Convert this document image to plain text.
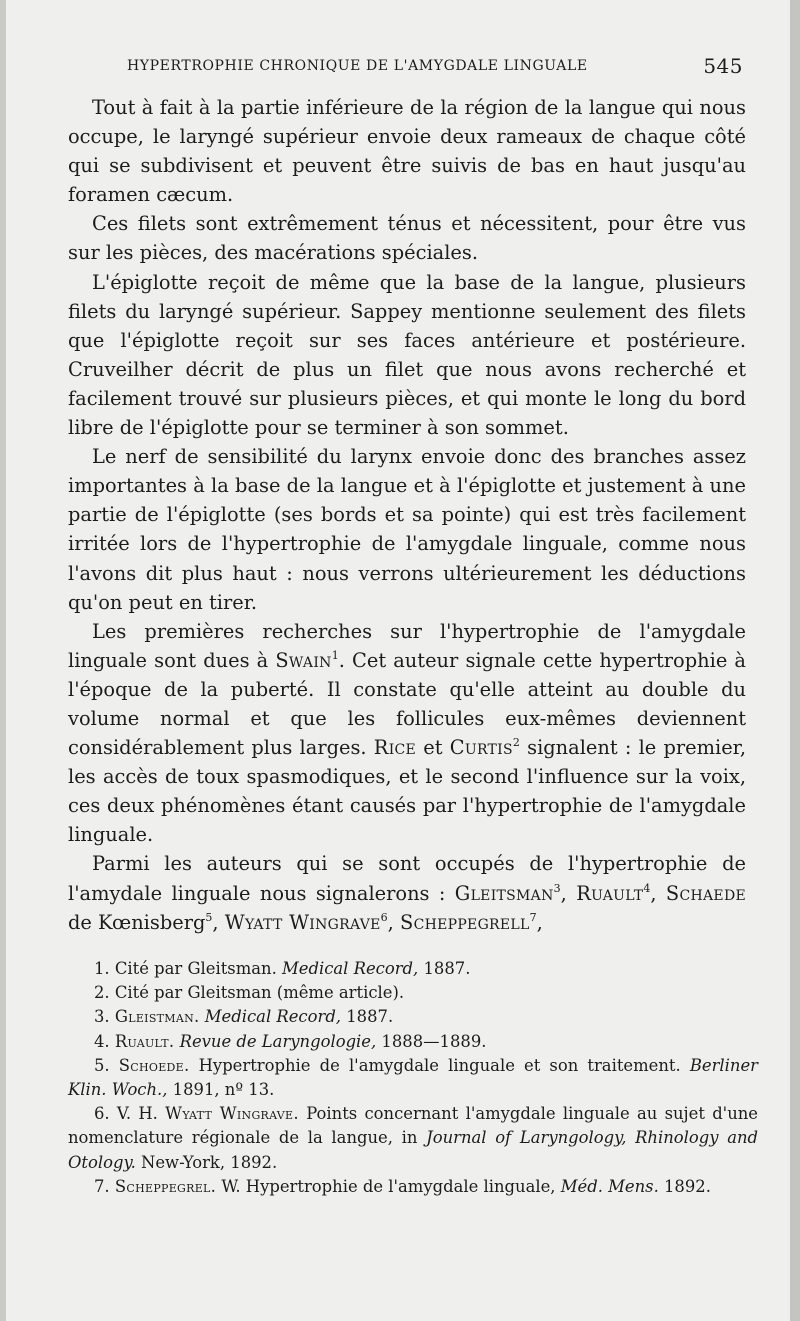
HYPERTROPHIE CHRONIQUE DE L'AMYGDALE LINGUALE	545

Tout à fait à la partie inférieure de la région de la langue qui nous occupe, le laryngé supérieur envoie deux rameaux de chaque côté qui se subdivisent et peuvent être suivis de bas en haut jusqu'au foramen cæcum.

Ces filets sont extrêmement ténus et nécessitent, pour être vus sur les pièces, des macérations spéciales.

L'épiglotte reçoit de même que la base de la langue, plusieurs filets du laryngé supérieur. Sappey mentionne seulement des filets que l'épiglotte reçoit sur ses faces antérieure et postérieure. Cruveilher décrit de plus un filet que nous avons recherché et facilement trouvé sur plusieurs pièces, et qui monte le long du bord libre de l'épiglotte pour se terminer à son sommet.

Le nerf de sensibilité du larynx envoie donc des branches assez importantes à la base de la langue et à l'épiglotte et justement à une partie de l'épiglotte (ses bords et sa pointe) qui est très facilement irritée lors de l'hypertrophie de l'amygdale linguale, comme nous l'avons dit plus haut : nous verrons ultérieurement les déductions qu'on peut en tirer.

Les premières recherches sur l'hypertrophie de l'amygdale linguale sont dues à Swain$^1$. Cet auteur signale cette hypertrophie à l'époque de la puberté. Il constate qu'elle atteint au double du volume normal et que les follicules eux-mêmes deviennent considérablement plus larges. Rice et Curtis$^2$ signalent : le premier, les accès de toux spasmodiques, et le second l'influence sur la voix, ces deux phénomènes étant causés par l'hypertrophie de l'amygdale linguale.

Parmi les auteurs qui se sont occupés de l'hypertrophie de l'amydale linguale nous signalerons : Gleitsman$^3$, Ruault$^4$, Schaede de Kœnisberg$^5$, Wyatt Wingrave$^6$, Scheppegrell$^7$,

1. Cité par Gleitsman. Medical Record, 1887.

2. Cité par Gleitsman (même article).

3. Gleistman. Medical Record, 1887.

4. Ruault. Revue de Laryngologie, 1888—1889.

5. Schoede. Hypertrophie de l'amygdale linguale et son traitement. Berliner Klin. Woch., 1891, nº 13.

6. V. H. Wyatt Wingrave. Points concernant l'amygdale linguale au sujet d'une nomenclature régionale de la langue, in Journal of Laryngology, Rhinology and Otology. New-York, 1892.

7. Scheppegrel. W. Hypertrophie de l'amygdale linguale, Méd. Mens. 1892.
